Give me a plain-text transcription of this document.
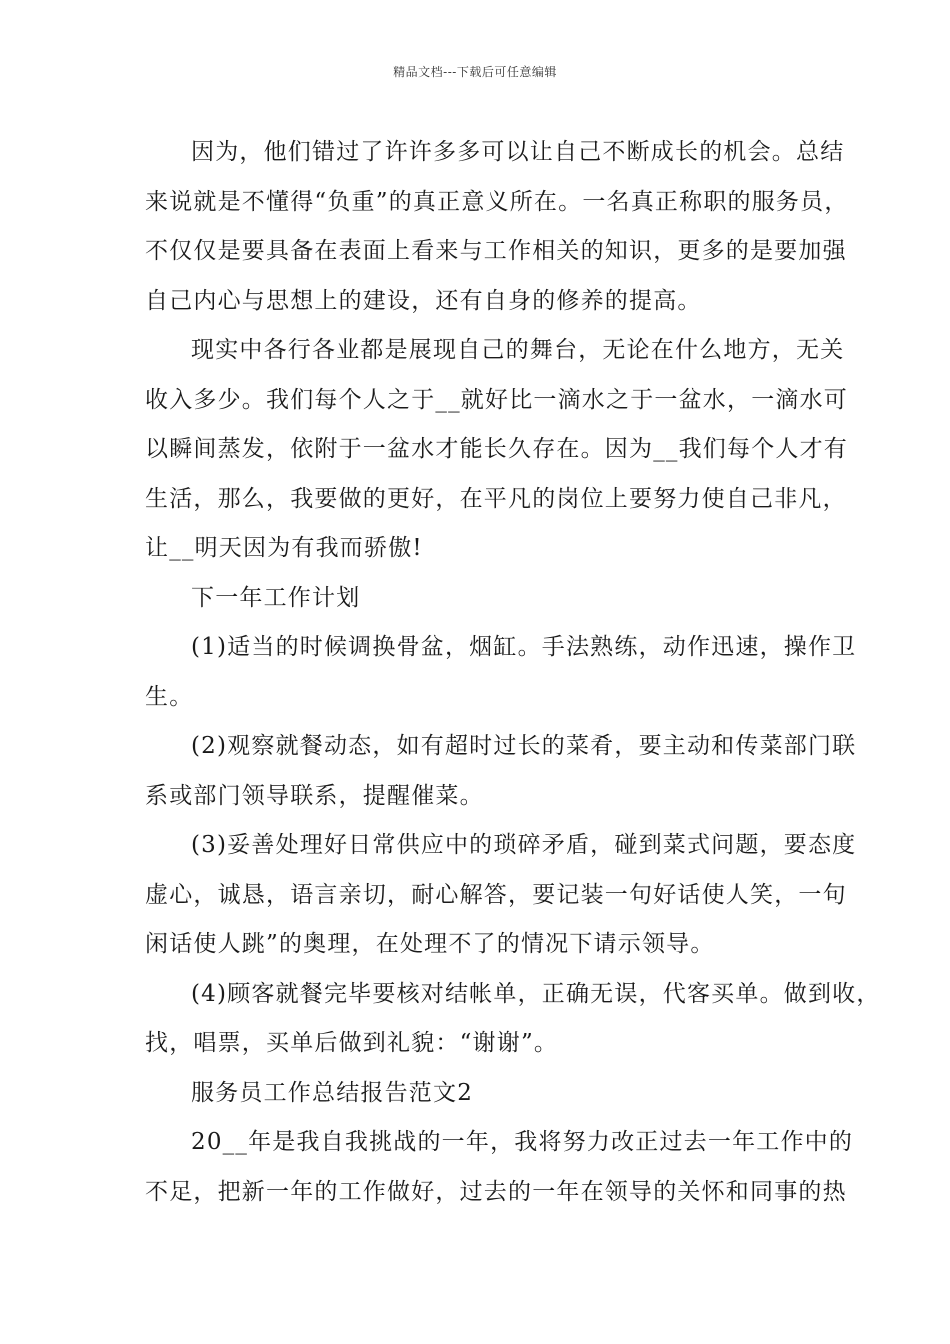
精品文档---下载后可任意编辑
因为，他们错过了许许多多可以让自己不断成长的机会。总结
来说就是不懂得“负重”的真正意义所在。一名真正称职的服务员，
不仅仅是要具备在表面上看来与工作相关的知识，更多的是要加强
自己内心与思想上的建设，还有自身的修养的提高。
现实中各行各业都是展现自己的舞台，无论在什么地方，无关
收入多少。我们每个人之于__就好比一滴水之于一盆水，一滴水可
以瞬间蒸发，依附于一盆水才能长久存在。因为__我们每个人才有
生活，那么，我要做的更好，在平凡的岗位上要努力使自己非凡，
让__明天因为有我而骄傲!
下一年工作计划
(1)适当的时候调换骨盆，烟缸。手法熟练，动作迅速，操作卫
生。
(2)观察就餐动态，如有超时过长的菜肴，要主动和传菜部门联
系或部门领导联系，提醒催菜。
(3)妥善处理好日常供应中的琐碎矛盾，碰到菜式问题，要态度
虚心，诚恳，语言亲切，耐心解答，要记装一句好话使人笑，一句
闲话使人跳”的奥理，在处理不了的情况下请示领导。
(4)顾客就餐完毕要核对结帐单，正确无误，代客买单。做到收，
找，唱票，买单后做到礼貌：“谢谢”。
服务员工作总结报告范文2
20__年是我自我挑战的一年，我将努力改正过去一年工作中的
不足，把新一年的工作做好，过去的一年在领导的关怀和同事的热
